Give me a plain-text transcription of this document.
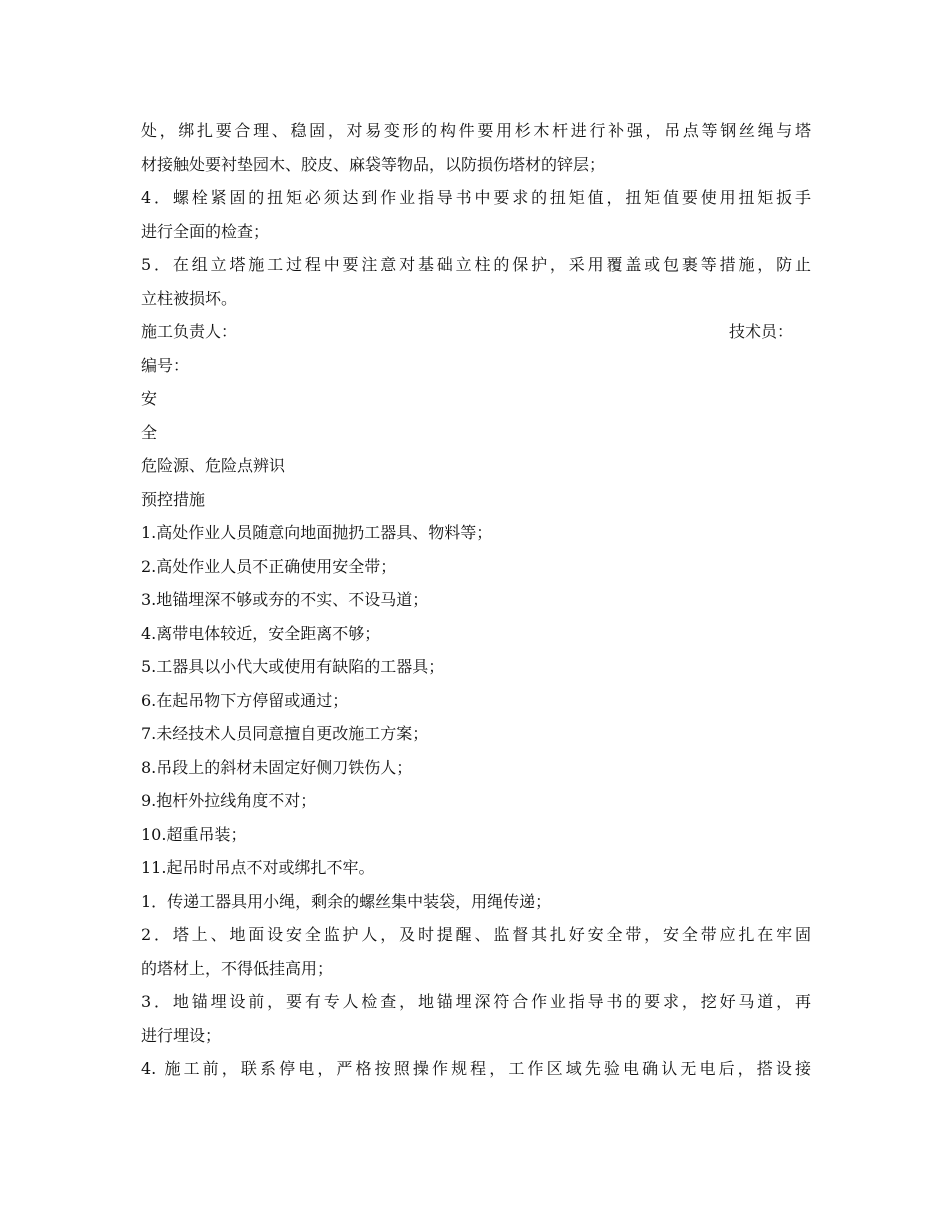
处，绑扎要合理、稳固，对易变形的构件要用杉木杆进行补强，吊点等钢丝绳与塔
材接触处要衬垫园木、胶皮、麻袋等物品，以防损伤塔材的锌层；
4．螺栓紧固的扭矩必须达到作业指导书中要求的扭矩值，扭矩值要使用扭矩扳手
进行全面的检查；
5．在组立塔施工过程中要注意对基础立柱的保护，采用覆盖或包裹等措施，防止
立柱被损坏。
施工负责人：	技术员：
编号：
安
全
危险源、危险点辨识
预控措施
1.高处作业人员随意向地面抛扔工器具、物料等；
2.高处作业人员不正确使用安全带；
3.地锚埋深不够或夯的不实、不设马道；
4.离带电体较近，安全距离不够；
5.工器具以小代大或使用有缺陷的工器具；
6.在起吊物下方停留或通过；
7.未经技术人员同意擅自更改施工方案；
8.吊段上的斜材未固定好侧刀铁伤人；
9.抱杆外拉线角度不对；
10.超重吊装；
11.起吊时吊点不对或绑扎不牢。
1．传递工器具用小绳，剩余的螺丝集中装袋，用绳传递；
2．塔上、地面设安全监护人，及时提醒、监督其扎好安全带，安全带应扎在牢固
的塔材上，不得低挂高用；
3．地锚埋设前，要有专人检查，地锚埋深符合作业指导书的要求，挖好马道，再
进行埋设；
4. 施工前，联系停电，严格按照操作规程，工作区域先验电确认无电后，搭设接
